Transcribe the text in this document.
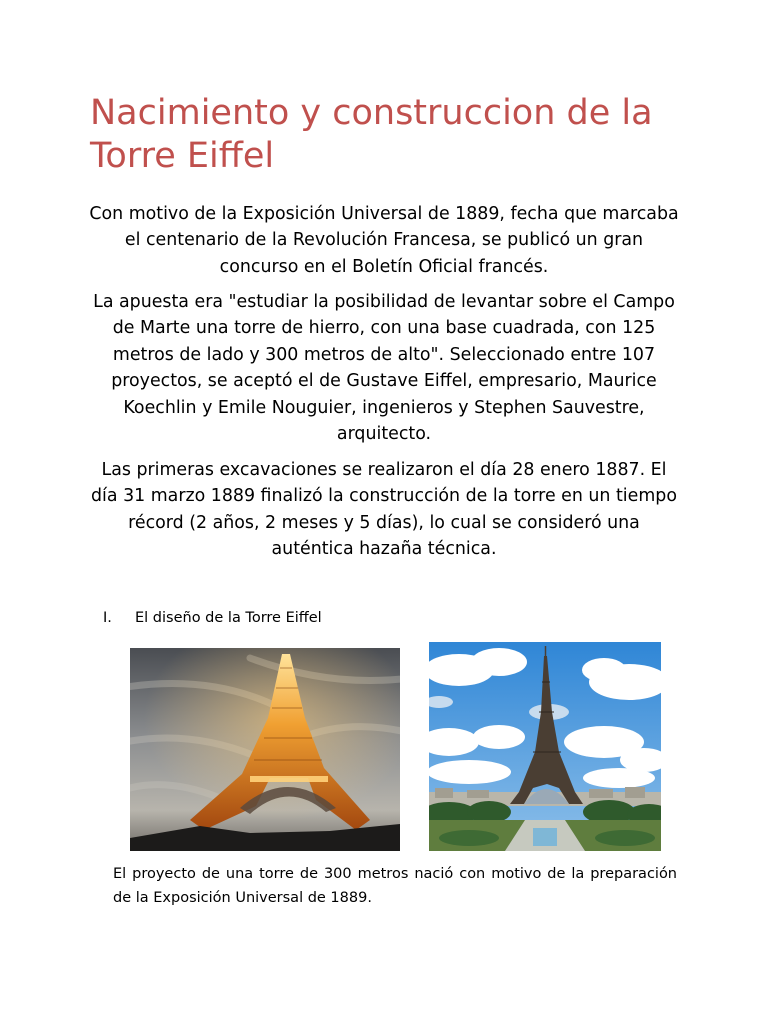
Nacimiento y construccion de la Torre Eiffel

Con motivo de la Exposición Universal de 1889, fecha que marcaba el centenario de la Revolución Francesa, se publicó un gran concurso en el Boletín Oficial francés.

La apuesta era "estudiar la posibilidad de levantar sobre el Campo de Marte una torre de hierro, con una base cuadrada, con 125 metros de lado y 300 metros de alto". Seleccionado entre 107 proyectos, se aceptó el de Gustave Eiffel, empresario, Maurice Koechlin y Emile Nouguier, ingenieros y Stephen Sauvestre, arquitecto.

Las primeras excavaciones se realizaron el día 28 enero 1887. El día 31 marzo 1889 finalizó la construcción de la torre en un tiempo récord (2 años, 2 meses y 5 días), lo cual se consideró una auténtica hazaña técnica.

I.	El diseño de la Torre Eiffel

El proyecto de una torre de 300 metros nació con motivo de la preparación de la Exposición Universal de 1889.
